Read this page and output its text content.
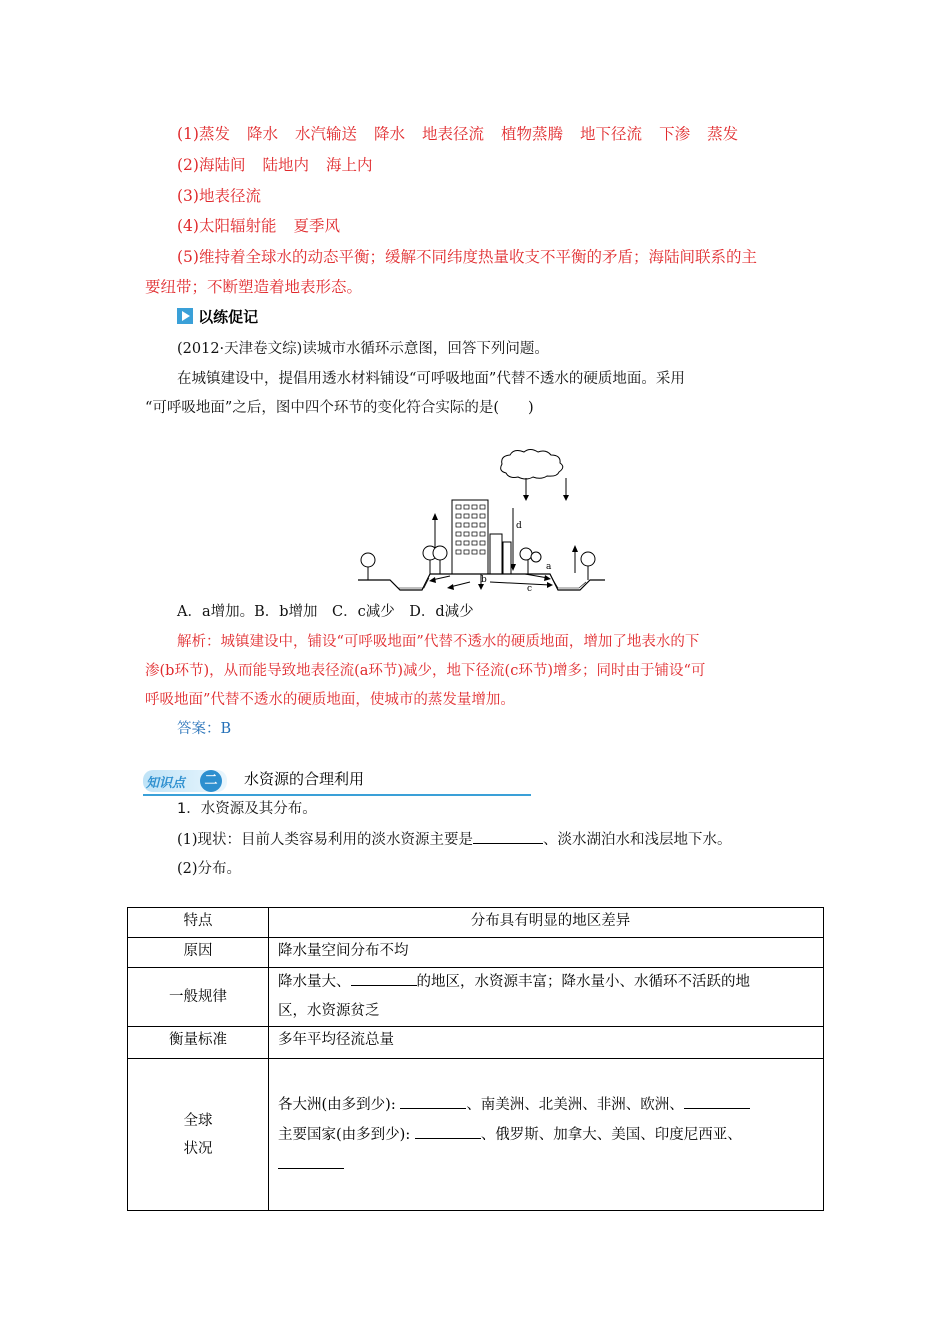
(1)蒸发 降水 水汽输送 降水 地表径流 植物蒸腾 地下径流 下渗 蒸发
(2)海陆间 陆地内 海上内
(3)地表径流
(4)太阳辐射能 夏季风
(5)维持着全球水的动态平衡；缓解不同纬度热量收支不平衡的矛盾；海陆间联系的主
要纽带；不断塑造着地表形态。
以练促记
(2012·天津卷文综)读城市水循环示意图，回答下列问题。
在城镇建设中，提倡用透水材料铺设“可呼吸地面”代替不透水的硬质地面。采用
“可呼吸地面”之后，图中四个环节的变化符合实际的是(　　)
d
a
b
c
A．a增加。B．b增加　C．c减少　D．d减少
解析：城镇建设中，铺设“可呼吸地面”代替不透水的硬质地面，增加了地表水的下
渗(b环节)，从而能导致地表径流(a环节)减少，地下径流(c环节)增多；同时由于铺设“可
呼吸地面”代替不透水的硬质地面，使城市的蒸发量增加。
答案：B
知识点	二	水资源的合理利用
1．水资源及其分布。
(1)现状：目前人类容易利用的淡水资源主要是	、淡水湖泊水和浅层地下水。
(2)分布。
特点	分布具有明显的地区差异
原因	降水量空间分布不均
一般规律	降水量大、 的地区，水资源丰富；降水量小、水循环不活跃的地
区，水资源贫乏
衡量标准	多年平均径流总量
全球
状况	各大洲(由多到少): 、南美洲、北美洲、非洲、欧洲、
主要国家(由多到少): 、俄罗斯、加拿大、美国、印度尼西亚、
